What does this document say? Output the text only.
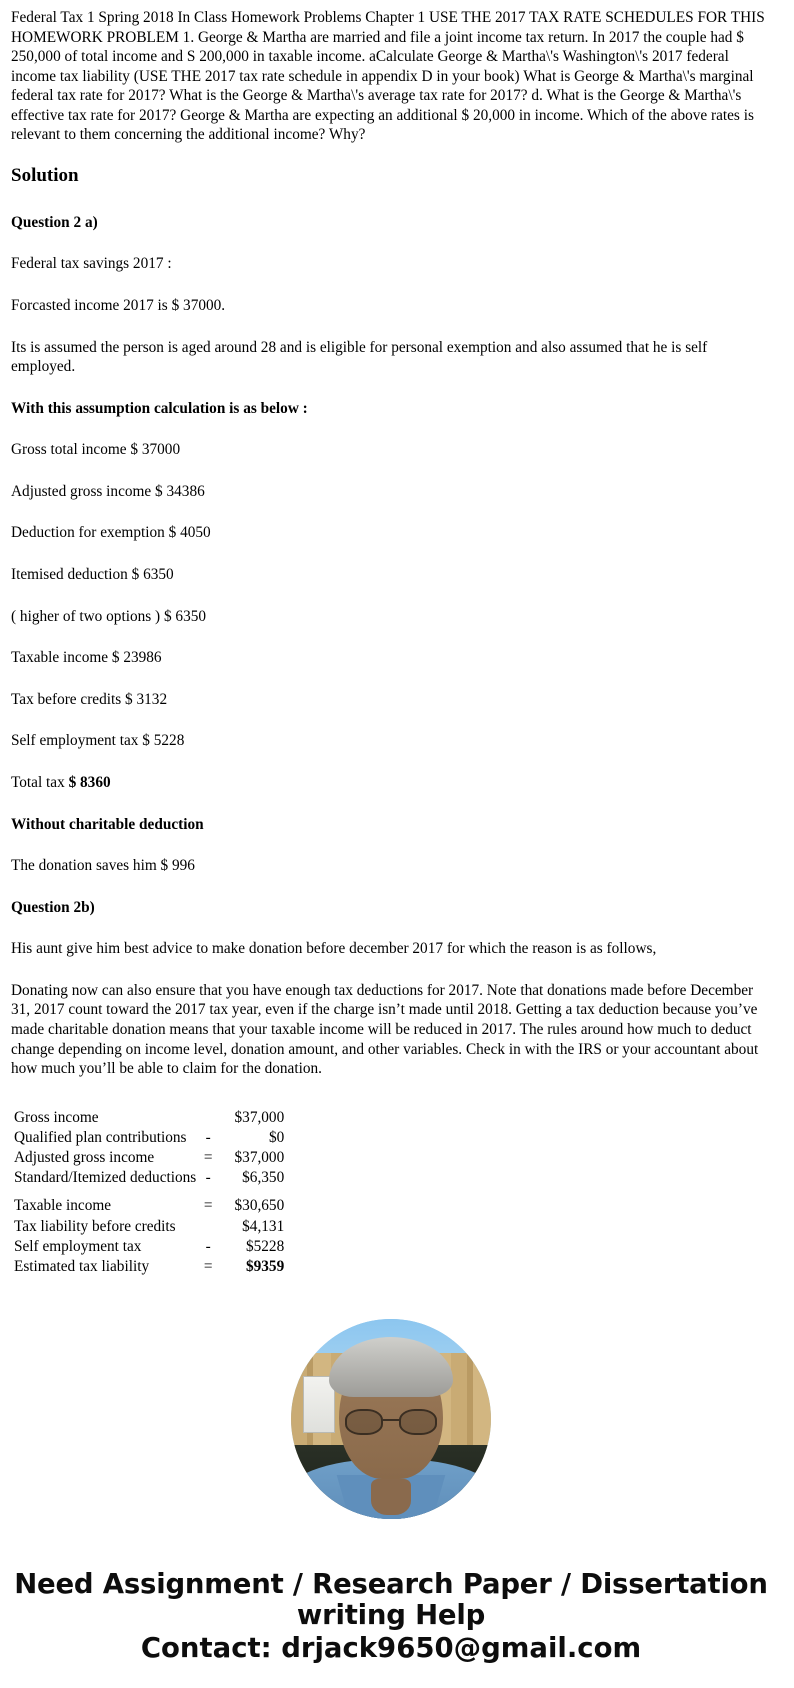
Federal Tax 1 Spring 2018 In Class Homework Problems Chapter 1 USE THE 2017 TAX RATE SCHEDULES FOR THIS HOMEWORK PROBLEM 1. George & Martha are married and file a joint income tax return. In 2017 the couple had $ 250,000 of total income and S 200,000 in taxable income. aCalculate George & Martha\'s Washington\'s 2017 federal income tax liability (USE THE 2017 tax rate schedule in appendix D in your book) What is George & Martha\'s marginal federal tax rate for 2017? What is the George & Martha\'s average tax rate for 2017? d. What is the George & Martha\'s effective tax rate for 2017? George & Martha are expecting an additional $ 20,000 in income. Which of the above rates is relevant to them concerning the additional income? Why?

Solution

Question 2 a)

Federal tax savings 2017 :

Forcasted income 2017 is $ 37000.

Its is assumed the person is aged around 28 and is eligible for personal exemption and also assumed that he is self employed.

With this assumption calculation is as below :

Gross total income $ 37000

Adjusted gross income $ 34386

Deduction for exemption $ 4050

Itemised deduction $ 6350

( higher of two options ) $ 6350

Taxable income $ 23986

Tax before credits $ 3132

Self employment tax $ 5228

Total tax $ 8360

Without charitable deduction

The donation saves him $ 996

Question 2b)

His aunt give him best advice to make donation before december 2017 for which the reason is as follows,

Donating now can also ensure that you have enough tax deductions for 2017. Note that donations made before December 31, 2017 count toward the 2017 tax year, even if the charge isn’t made until 2018. Getting a tax deduction because you’ve made charitable donation means that your taxable income will be reduced in 2017. The rules around how much to deduct change depending on income level, donation amount, and other variables. Check in with the IRS or your accountant about how much you’ll be able to claim for the donation.

Gross income		$37,000
Qualified plan contributions	-	$0
Adjusted gross income	=	$37,000
Standard/Itemized deductions	-	$6,350
Taxable income	=	$30,650
Tax liability before credits		$4,131
Self employment tax	-	$5228
Estimated tax liability	=	$9359
Need Assignment / Research Paper / Dissertation writing Help
Contact: drjack9650@gmail.com
